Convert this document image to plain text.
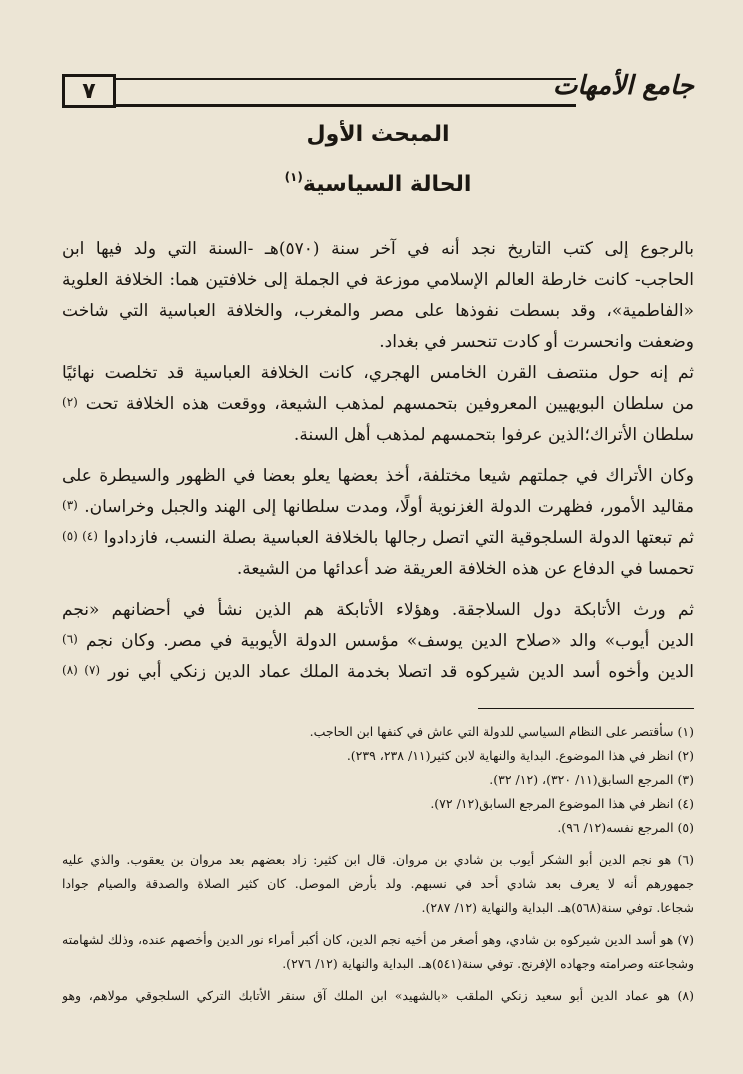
٧	جامع الأمهات
المبحث الأول
الحالة السياسية$^{(١)}$
بالرجوع إلى كتب التاريخ نجد أنه في آخر سنة (٥٧٠)هـ -السنة التي ولد فيها ابن
الحاجب- كانت خارطة العالم الإسلامي موزعة في الجملة إلى خلافتين هما: الخلافة العلوية
«الفاطمية»، وقد بسطت نفوذها على مصر والمغرب، والخلافة العباسية التي شاخت
وضعفت وانحسرت أو كادت تنحسر في بغداد.
ثم إنه حول منتصف القرن الخامس الهجري، كانت الخلافة العباسية قد تخلصت نهائيًا
من سلطان البويهيين المعروفين بتحمسهم لمذهب الشيعة، ووقعت هذه الخلافة تحت $^{(٢)}$
سلطان الأتراك؛الذين عرفوا بتحمسهم لمذهب أهل السنة.
وكان الأتراك في جملتهم شيعا مختلفة، أخذ بعضها يعلو بعضا في الظهور والسيطرة على
مقاليد الأمور، فظهرت الدولة الغزنوية أولًا، ومدت سلطانها إلى الهند والجبل وخراسان. $^{(٣)}$
ثم تبعتها الدولة السلجوقية التي اتصل رجالها بالخلافة العباسية بصلة النسب، فازدادوا $^{(٤) (٥)}$
تحمسا في الدفاع عن هذه الخلافة العريقة ضد أعدائها من الشيعة.
ثم ورث الأتابكة دول السلاجقة. وهؤلاء الأتابكة هم الذين نشأ في أحضانهم «نجم
الدين أيوب» والد «صلاح الدين يوسف» مؤسس الدولة الأيوبية في مصر. وكان نجم $^{(٦)}$
الدين وأخوه أسد الدين شيركوه قد اتصلا بخدمة الملك عماد الدين زنكي أبي نور $^{(٧) (٨)}$
(١) سأقتصر على النظام السياسي للدولة التي عاش في كنفها ابن الحاجب.
(٢) انظر في هذا الموضوع. البداية والنهاية لابن كثير(١١/ ٢٣٨، ٢٣٩).
(٣) المرجع السابق(١١/ ٣٢٠)، (١٢/ ٣٢).
(٤) انظر في هذا الموضوع المرجع السابق(١٢/ ٧٢).
(٥) المرجع نفسه(١٢/ ٩٦).
(٦) هو نجم الدين أبو الشكر أيوب بن شادي بن مروان. قال ابن كثير: زاد بعضهم بعد مروان بن يعقوب. والذي عليه
جمهورهم أنه لا يعرف بعد شادي أحد في نسبهم. ولد بأرض الموصل. كان كثير الصلاة والصدقة والصيام جوادا
شجاعا. توفي سنة(٥٦٨)هـ. البداية والنهاية (١٢/ ٢٨٧).
(٧) هو أسد الدين شيركوه بن شادي، وهو أصغر من أخيه نجم الدين، كان أكبر أمراء نور الدين وأخصهم عنده، وذلك لشهامته
وشجاعته وصرامته وجهاده الإفرنج. توفي سنة(٥٤١)هـ. البداية والنهاية (١٢/ ٢٧٦).
(٨) هو عماد الدين أبو سعيد زنكي الملقب «بالشهيد» ابن الملك آق سنقر الأتابك التركي السلجوقي مولاهم، وهو
